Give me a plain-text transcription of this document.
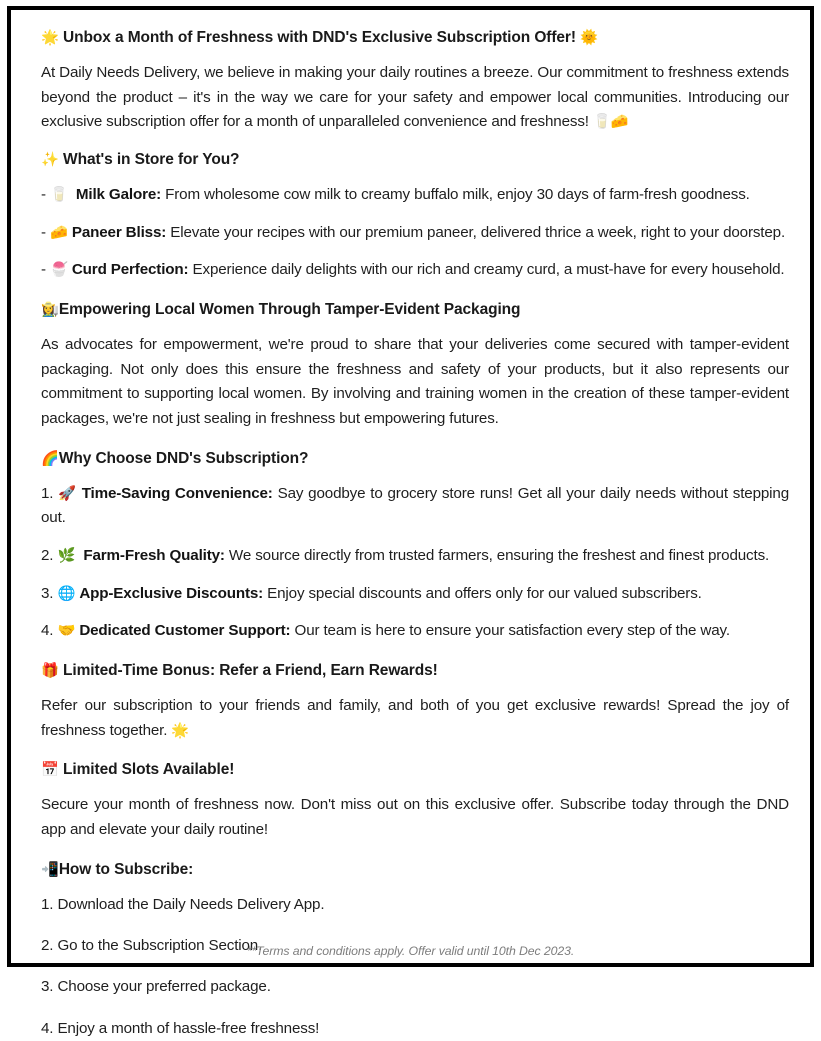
🌟 Unbox a Month of Freshness with DND's Exclusive Subscription Offer! 🌞

At Daily Needs Delivery, we believe in making your daily routines a breeze. Our commitment to freshness extends beyond the product – it's in the way we care for your safety and empower local communities. Introducing our exclusive subscription offer for a month of unparalleled convenience and freshness! 🥛🧀

✨ What's in Store for You?

- 🥛 Milk Galore: From wholesome cow milk to creamy buffalo milk, enjoy 30 days of farm-fresh goodness.

- 🧀 Paneer Bliss: Elevate your recipes with our premium paneer, delivered thrice a week, right to your doorstep.

- 🍧 Curd Perfection: Experience daily delights with our rich and creamy curd, a must-have for every household.

👩‍🌾Empowering Local Women Through Tamper-Evident Packaging

As advocates for empowerment, we're proud to share that your deliveries come secured with tamper-evident packaging. Not only does this ensure the freshness and safety of your products, but it also represents our commitment to supporting local women. By involving and training women in the creation of these tamper-evident packages, we're not just sealing in freshness but empowering futures.

🌈Why Choose DND's Subscription?

1. 🚀 Time-Saving Convenience: Say goodbye to grocery store runs! Get all your daily needs without stepping out.

2. 🌿 Farm-Fresh Quality: We source directly from trusted farmers, ensuring the freshest and finest products.

3. 🌐 App-Exclusive Discounts: Enjoy special discounts and offers only for our valued subscribers.

4. 🤝 Dedicated Customer Support: Our team is here to ensure your satisfaction every step of the way.

🎁 Limited-Time Bonus: Refer a Friend, Earn Rewards!

Refer our subscription to your friends and family, and both of you get exclusive rewards! Spread the joy of freshness together. 🌟

📅 Limited Slots Available!

Secure your month of freshness now. Don't miss out on this exclusive offer. Subscribe today through the DND app and elevate your daily routine!

📲How to Subscribe:

1. Download the Daily Needs Delivery App.

2. Go to the Subscription Section.

3. Choose your preferred package.

4. Enjoy a month of hassle-free freshness!

**Terms and conditions apply. Offer valid until 10th Dec 2023.
